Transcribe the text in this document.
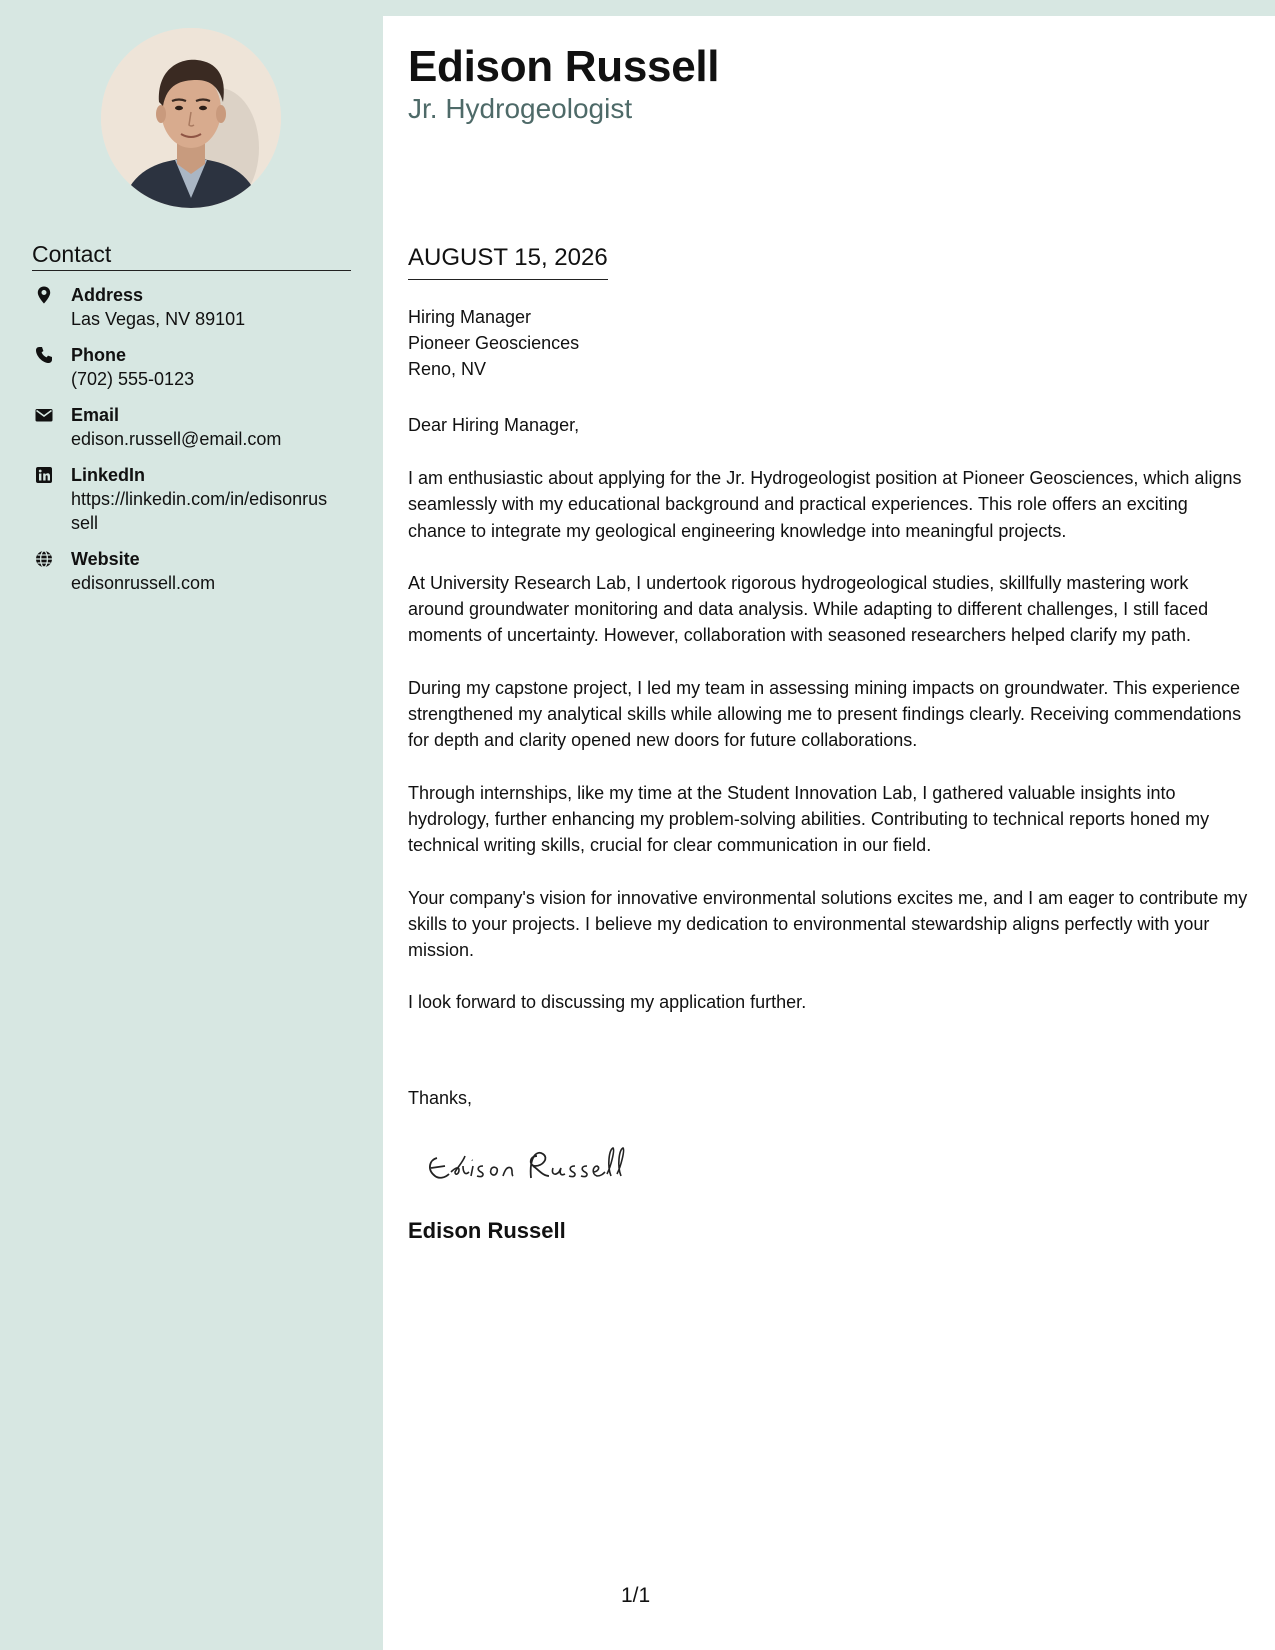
Contact
Address
Las Vegas, NV 89101
Phone
(702) 555-0123
Email
edison.russell@email.com
LinkedIn
https://linkedin.com/in/edisonrussell
Website
edisonrussell.com
Edison Russell
Jr. Hydrogeologist
AUGUST 15, 2026
Hiring Manager
Pioneer Geosciences
Reno, NV
Dear Hiring Manager,

I am enthusiastic about applying for the Jr. Hydrogeologist position at Pioneer Geosciences, which aligns seamlessly with my educational background and practical experiences. This role offers an exciting chance to integrate my geological engineering knowledge into meaningful projects.

At University Research Lab, I undertook rigorous hydrogeological studies, skillfully mastering work around groundwater monitoring and data analysis. While adapting to different challenges, I still faced moments of uncertainty. However, collaboration with seasoned researchers helped clarify my path.

During my capstone project, I led my team in assessing mining impacts on groundwater. This experience strengthened my analytical skills while allowing me to present findings clearly. Receiving commendations for depth and clarity opened new doors for future collaborations.

Through internships, like my time at the Student Innovation Lab, I gathered valuable insights into hydrology, further enhancing my problem-solving abilities. Contributing to technical reports honed my technical writing skills, crucial for clear communication in our field.

Your company's vision for innovative environmental solutions excites me, and I am eager to contribute my skills to your projects. I believe my dedication to environmental stewardship aligns perfectly with your mission.

I look forward to discussing my application further.

Thanks,
Edison Russell
1/1
